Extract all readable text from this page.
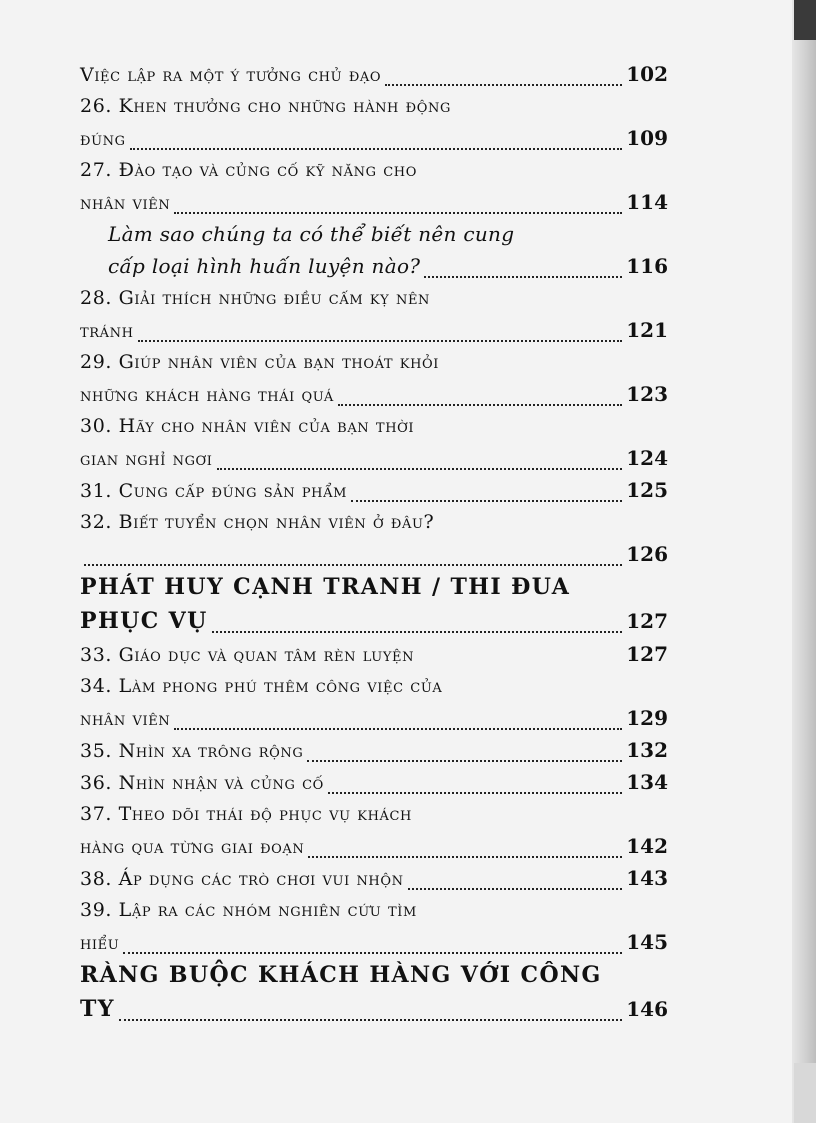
Việc lập ra một ý tưởng chủ đạo	102
26. Khen thưởng cho những hành động
đúng	109
27. Đào tạo và củng cố kỹ năng cho
nhân viên	114
Làm sao chúng ta có thể biết nên cung
cấp loại hình huấn luyện nào?	116
28. Giải thích những điều cấm kỵ nên
tránh	121
29. Giúp nhân viên của bạn thoát khỏi
những khách hàng thái quá	123
30. Hãy cho nhân viên của bạn thời
gian nghỉ ngơi	124
31. Cung cấp đúng sản phẩm	125
32. Biết tuyển chọn nhân viên ở đâu?
126
PHÁT HUY CẠNH TRANH / THI ĐUA
PHỤC VỤ	127
33. Giáo dục và quan tâm rèn luyện	127
34. Làm phong phú thêm công việc của
nhân viên	129
35. Nhìn xa trông rộng	132
36. Nhìn nhận và củng cố	134
37. Theo dõi thái độ phục vụ khách
hàng qua từng giai đoạn	142
38. Áp dụng các trò chơi vui nhộn	143
39. Lập ra các nhóm nghiên cứu tìm
hiểu	145
RÀNG BUỘC KHÁCH HÀNG VỚI CÔNG
TY	146
